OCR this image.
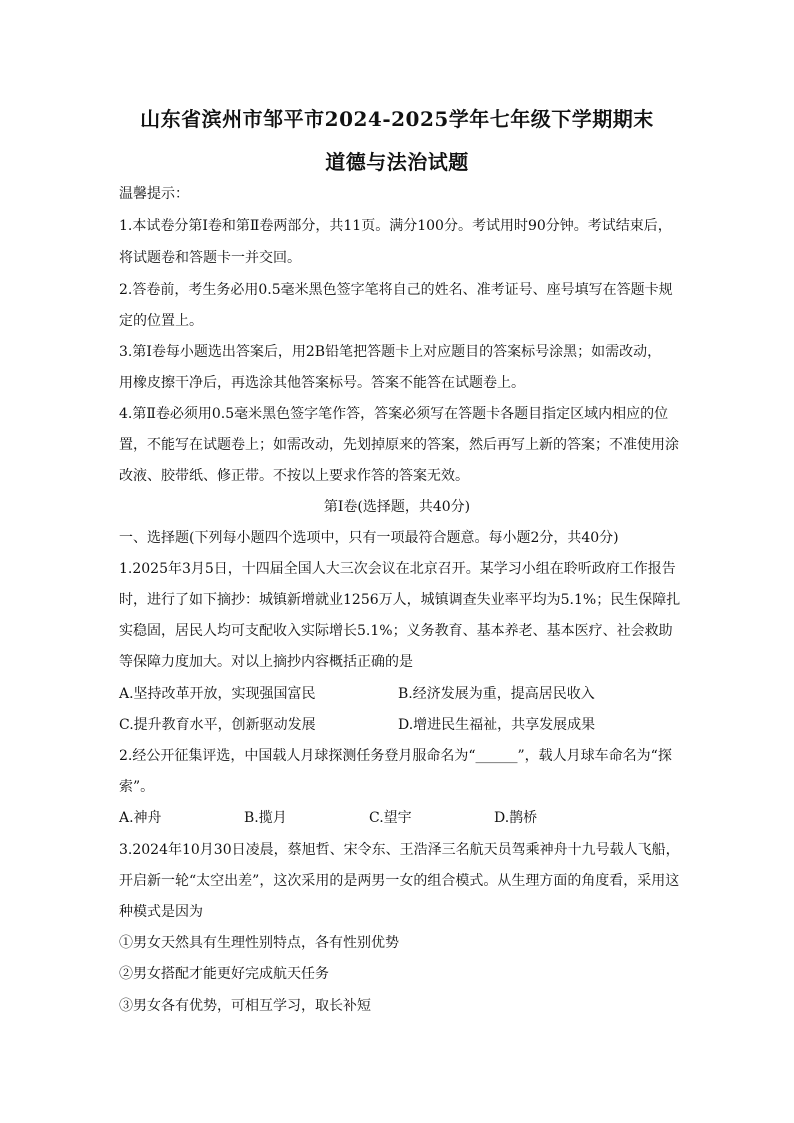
山东省滨州市邹平市2024-2025学年七年级下学期期末
道德与法治试题
温馨提示：
1.本试卷分第Ⅰ卷和第Ⅱ卷两部分，共11页。满分100分。考试用时90分钟。考试结束后，
将试题卷和答题卡一并交回。
2.答卷前，考生务必用0.5毫米黑色签字笔将自己的姓名、准考证号、座号填写在答题卡规
定的位置上。
3.第Ⅰ卷每小题选出答案后，用2B铅笔把答题卡上对应题目的答案标号涂黑；如需改动，
用橡皮擦干净后，再选涂其他答案标号。答案不能答在试题卷上。
4.第Ⅱ卷必须用0.5毫米黑色签字笔作答，答案必须写在答题卡各题目指定区域内相应的位
置，不能写在试题卷上；如需改动，先划掉原来的答案，然后再写上新的答案；不准使用涂
改液、胶带纸、修正带。不按以上要求作答的答案无效。
第Ⅰ卷(选择题，共40分)
一、选择题(下列每小题四个选项中，只有一项最符合题意。每小题2分，共40分)
1.2025年3月5日，十四届全国人大三次会议在北京召开。某学习小组在聆听政府工作报告
时，进行了如下摘抄：城镇新增就业1256万人，城镇调查失业率平均为5.1%；民生保障扎
实稳固，居民人均可支配收入实际增长5.1%；义务教育、基本养老、基本医疗、社会救助
等保障力度加大。对以上摘抄内容概括正确的是
A.坚持改革开放，实现强国富民	B.经济发展为重，提高居民收入
C.提升教育水平，创新驱动发展	D.增进民生福祉，共享发展成果
2.经公开征集评选，中国载人月球探测任务登月服命名为“______”，载人月球车命名为“探
索”。
A.神舟	B.揽月	C.望宇	D.鹊桥
3.2024年10月30日凌晨，蔡旭哲、宋令东、王浩泽三名航天员驾乘神舟十九号载人飞船，
开启新一轮“太空出差”，这次采用的是两男一女的组合模式。从生理方面的角度看，采用这
种模式是因为
①男女天然具有生理性别特点，各有性别优势
②男女搭配才能更好完成航天任务
③男女各有优势，可相互学习，取长补短
